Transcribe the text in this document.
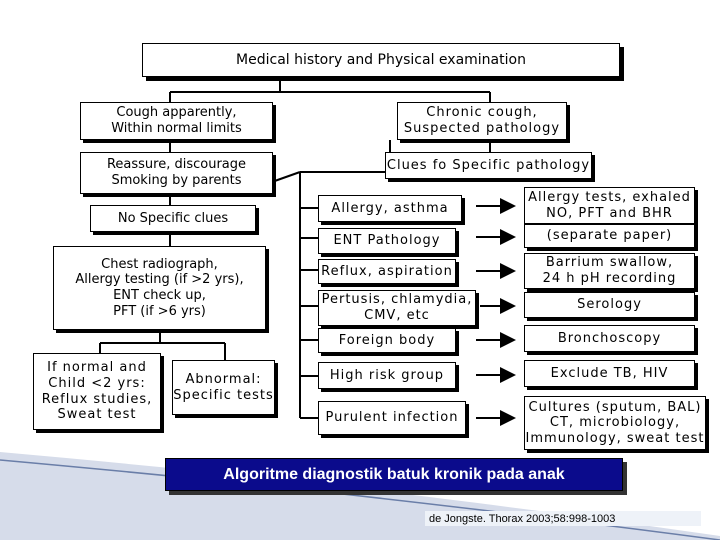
Medical history and Physical examination
Cough apparently,
Within normal limits
Reassure, discourage
Smoking by parents
No Specific clues
Chest radiograph,
Allergy testing (if >2 yrs),
ENT check up,
PFT (if >6 yrs)
If normal and
Child <2 yrs:
Reflux studies,
Sweat test
Abnormal:
Specific tests
Chronic cough,
Suspected pathology
Clues fo Specific pathology
Allergy, asthma
ENT Pathology
Reflux, aspiration
Pertusis, chlamydia,
CMV, etc
Foreign body
High risk group
Purulent infection
Allergy tests, exhaled
NO, PFT and BHR
(separate paper)
Barrium swallow,
24 h pH recording
Serology
Bronchoscopy
Exclude TB, HIV
Cultures (sputum, BAL)
CT, microbiology,
Immunology, sweat test
Algoritme diagnostik batuk kronik pada anak
de Jongste. Thorax 2003;58:998-1003
